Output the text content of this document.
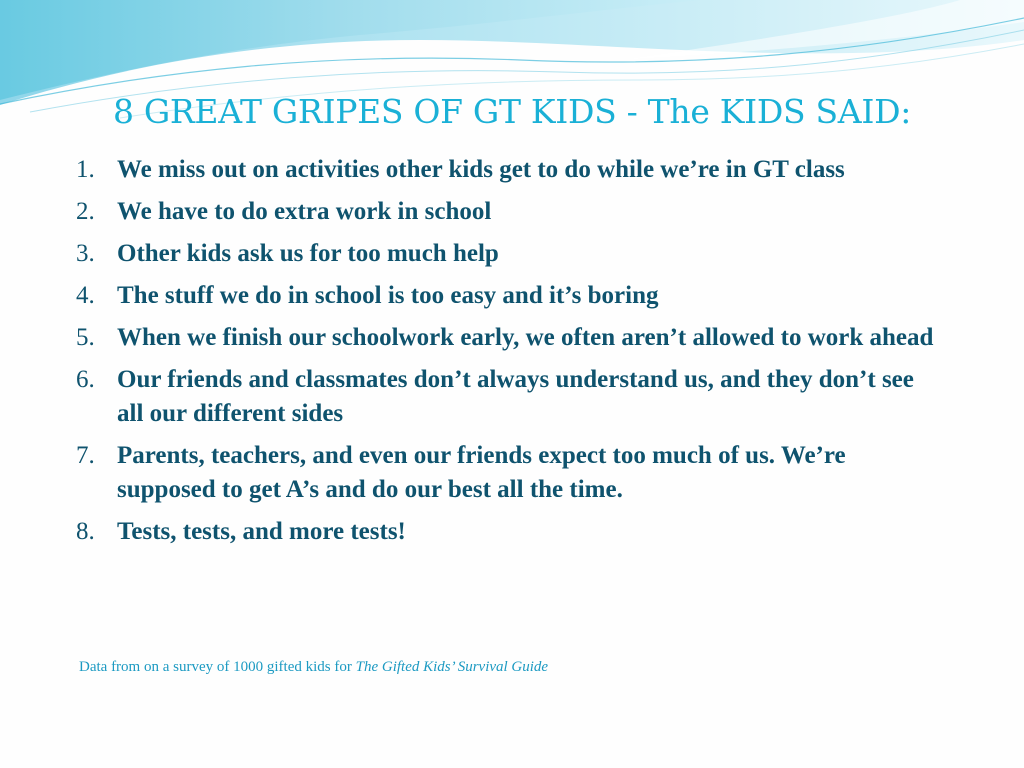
8 GREAT GRIPES OF GT KIDS - The KIDS SAID:
1. We miss out on activities other kids get to do while we’re in GT class
2. We have to do extra work in school
3. Other kids ask us for too much help
4. The stuff we do in school is too easy and it’s boring
5. When we finish our schoolwork early, we often aren’t allowed to work ahead
6. Our friends and classmates don’t always understand us, and they don’t see all our different sides
7. Parents, teachers, and even our friends expect too much of us. We’re supposed to get A’s and do our best all the time.
8. Tests, tests, and more tests!

Data from on a survey of 1000 gifted kids for The Gifted Kids’ Survival Guide
